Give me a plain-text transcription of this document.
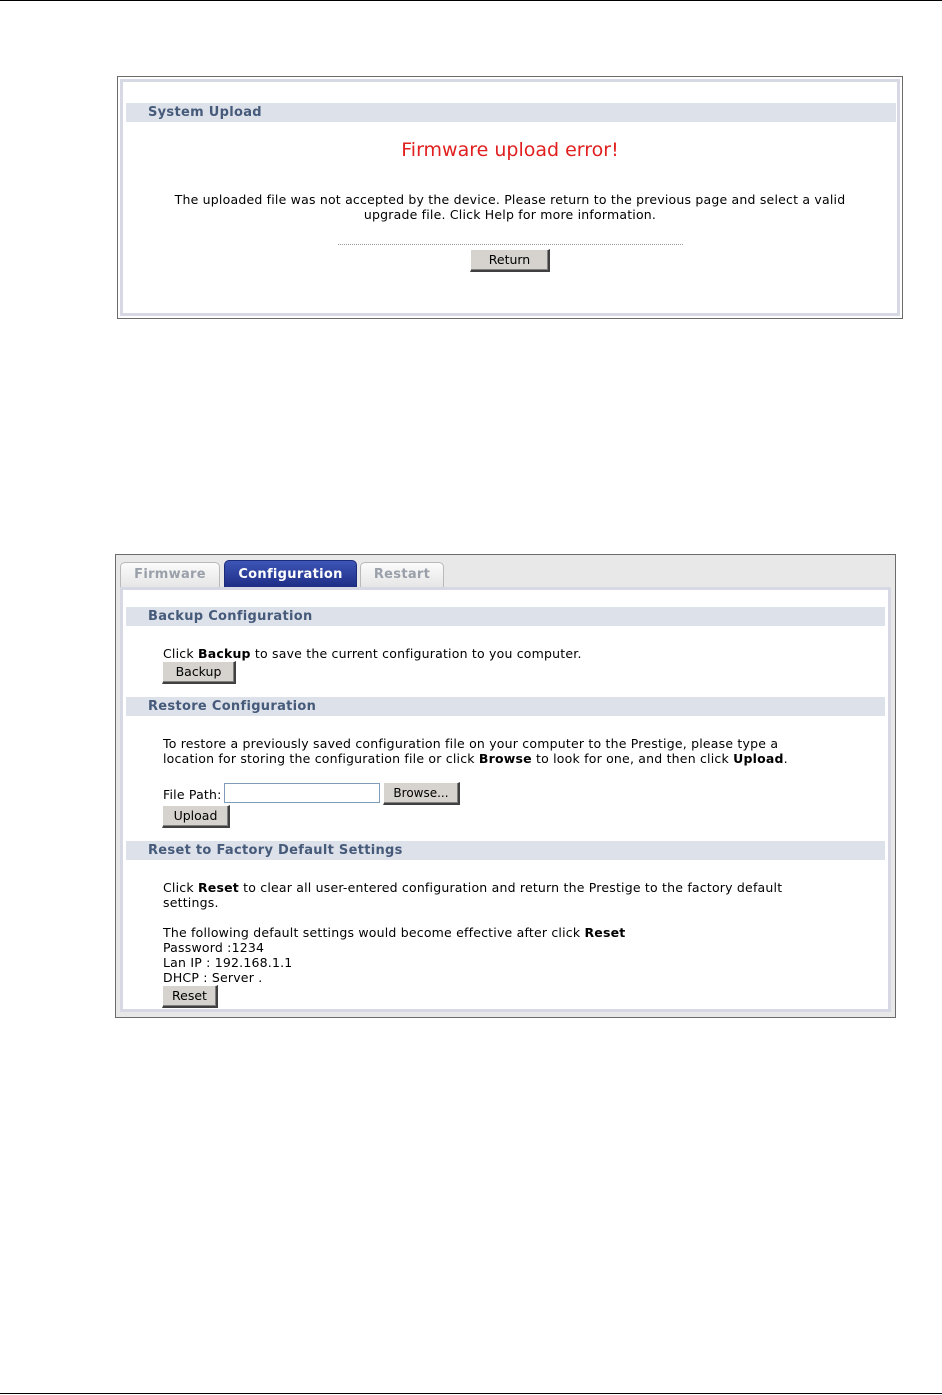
System Upload
Firmware upload error!
The uploaded file was not accepted by the device. Please return to the previous page and select a valid
upgrade file. Click Help for more information.
Return
Firmware	Configuration	Restart
Backup Configuration
Click Backup to save the current configuration to you computer.
Backup
Restore Configuration
To restore a previously saved configuration file on your computer to the Prestige, please type a
location for storing the configuration file or click Browse to look for one, and then click Upload.
File Path:	Browse...
Upload
Reset to Factory Default Settings
Click Reset to clear all user-entered configuration and return the Prestige to the factory default
settings.
The following default settings would become effective after click Reset
Password :1234
Lan IP : 192.168.1.1
DHCP : Server .
Reset
